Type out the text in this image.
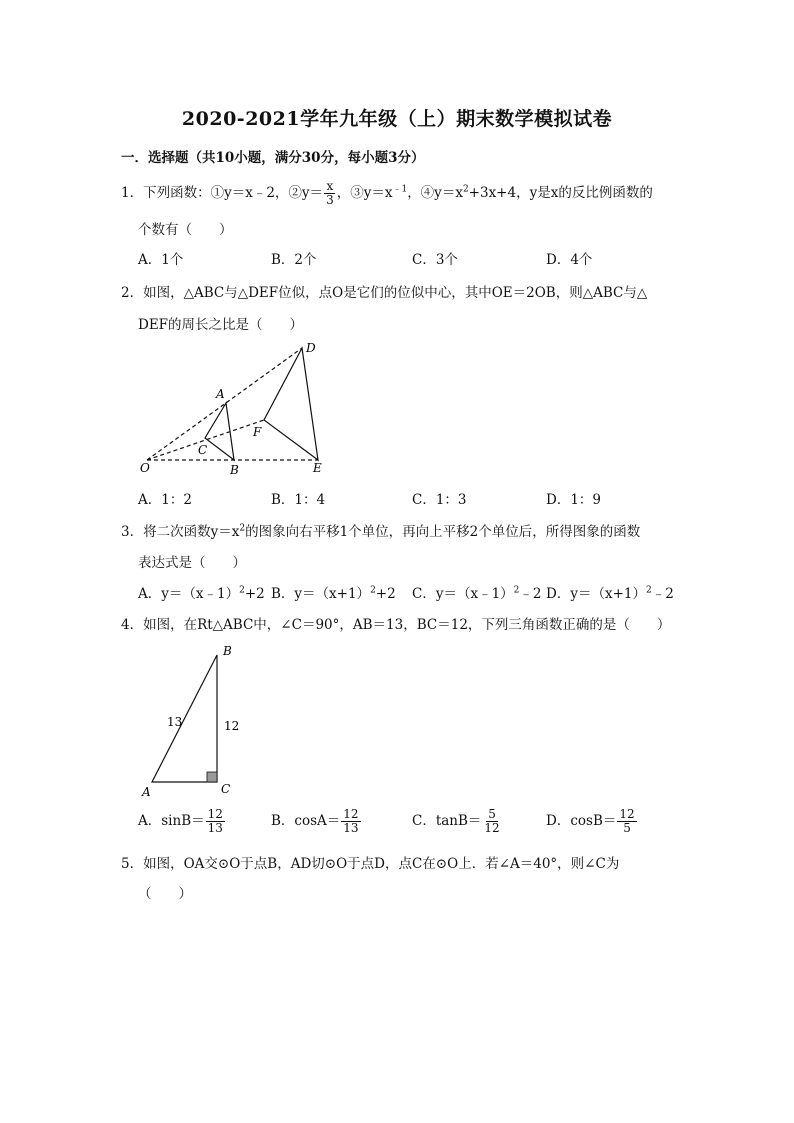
2020-2021学年九年级（上）期末数学模拟试卷
一．选择题（共10小题，满分30分，每小题3分）
1．下列函数：①y＝x﹣2，②y＝ $\frac{x}{3}$ ，$③y=x^{﹣1}$，$④y=x^2+3x+4$，y是x的反比例函数的
个数有（　　）
A．1个	B．2个	C．3个	D．4个
2．如图，△ABC与△DEF位似，点O是它们的位似中心，其中OE＝2OB，则△ABC与△
DEF的周长之比是（　　）
O
A
B
C
D
E
F
A．1：2	B．1：4	C．1：3	D．1：9
3．将二次函数$y=x^2$的图象向右平移1个单位，再向上平移2个单位后，所得图象的函数
表达式是（　　）
A．y＝（x﹣1）$^2$+2 B．$y=(x+1)^2+2$ C．y＝（x﹣1）$^2$﹣2 D．$y=(x+1)^2﹣2$
4．如图，在Rt△ABC中，∠C＝90°，AB＝13，BC＝12，下列三角函数正确的是（　　）
B
C
A
13	12
A．$\sin B= \frac{12}{13}$	B．$\cos A= \frac{12}{13}$	C．$\tan B= \frac{5}{12}$	D．$\cos B= \frac{12}{5}$
5．如图，OA交⊙O于点B，AD切⊙O于点D，点C在⊙O上．若∠A＝40°，则∠C为
（　　）
